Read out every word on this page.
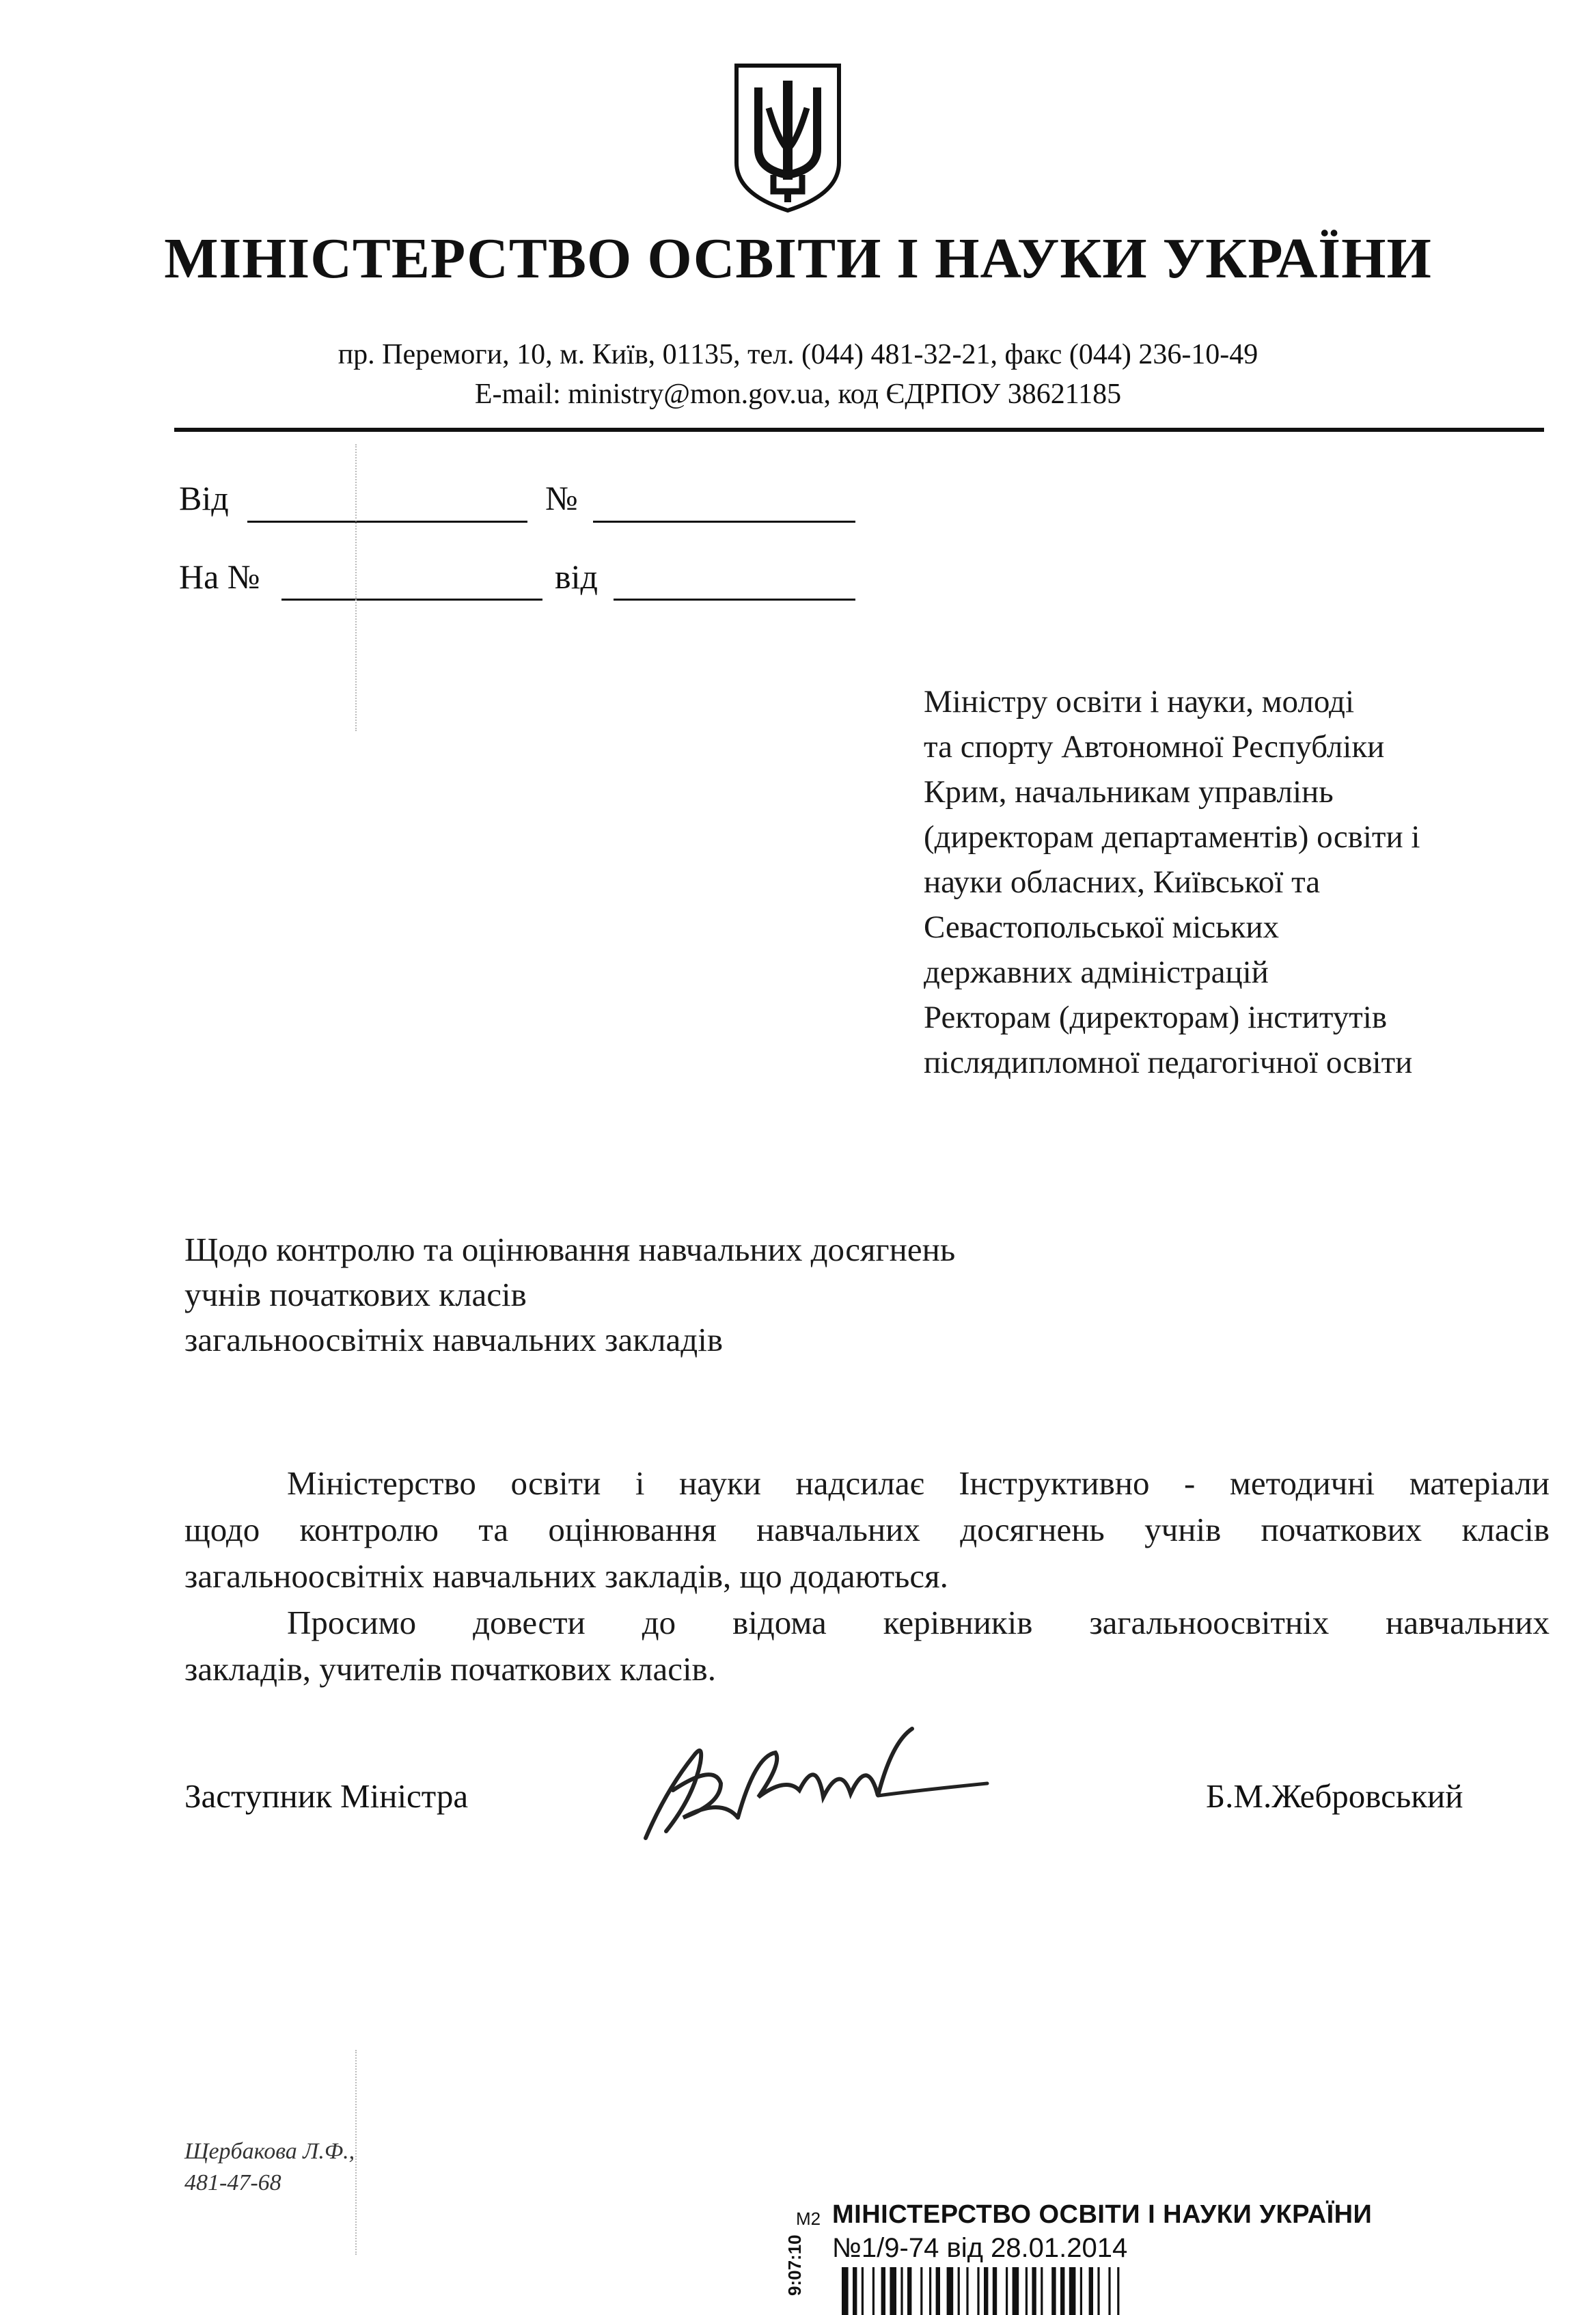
МІНІСТЕРСТВО ОСВІТИ І НАУКИ УКРАЇНИ
пр. Перемоги, 10, м. Київ, 01135, тел. (044) 481-32-21, факс (044) 236-10-49
E-mail: ministry@mon.gov.ua, код ЄДРПОУ 38621185
Від	№
На №	від
Міністру освіти і науки, молоді
та спорту Автономної Республіки
Крим, начальникам управлінь
(директорам департаментів) освіти і
науки обласних, Київської та
Севастопольської міських
державних адміністрацій
Ректорам (директорам) інститутів
післядипломної педагогічної освіти
Щодо контролю та оцінювання навчальних досягнень
учнів початкових класів
загальноосвітніх навчальних закладів
Міністерство освіти і науки надсилає Інструктивно - методичні матеріали
щодо контролю та оцінювання навчальних досягнень учнів початкових класів
загальноосвітніх навчальних закладів, що додаються.
Просимо довести до відома керівників загальноосвітніх навчальних
закладів, учителів початкових класів.
Заступник Міністра	Б.М.Жебровський
Щербакова Л.Ф.,
481-47-68
М2 МІНІСТЕРСТВО ОСВІТИ І НАУКИ УКРАЇНИ
№1/9-74 від 28.01.2014
9:07:10
